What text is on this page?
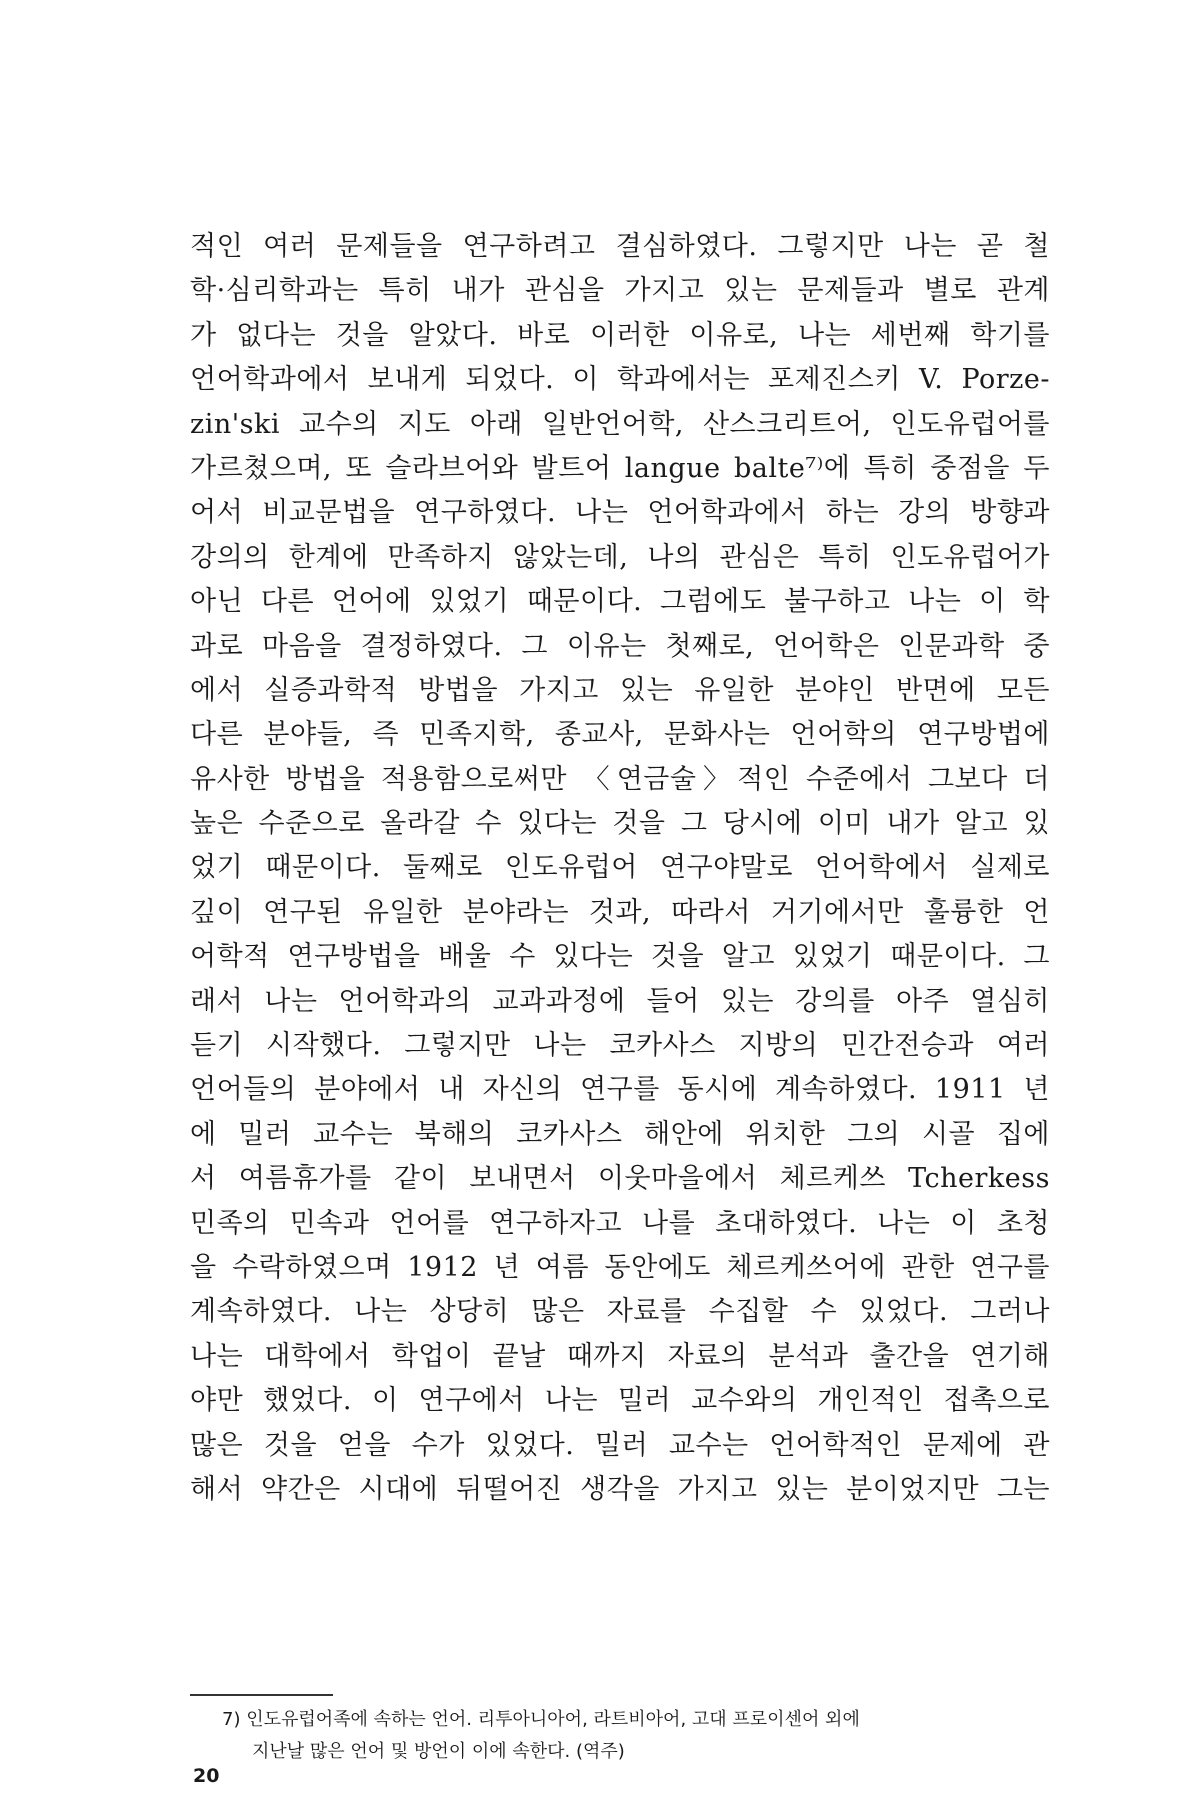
적인 여러 문제들을 연구하려고 결심하였다. 그렇지만 나는 곧 철
학·심리학과는 특히 내가 관심을 가지고 있는 문제들과 별로 관계
가 없다는 것을 알았다. 바로 이러한 이유로, 나는 세번째 학기를
언어학과에서 보내게 되었다. 이 학과에서는 포제진스키 V. Porze-
zin'ski 교수의 지도 아래 일반언어학, 산스크리트어, 인도유럽어를
가르쳤으며, 또 슬라브어와 발트어 langue balte⁷⁾에 특히 중점을 두
어서 비교문법을 연구하였다. 나는 언어학과에서 하는 강의 방향과
강의의 한계에 만족하지 않았는데, 나의 관심은 특히 인도유럽어가
아닌 다른 언어에 있었기 때문이다. 그럼에도 불구하고 나는 이 학
과로 마음을 결정하였다. 그 이유는 첫째로, 언어학은 인문과학 중
에서 실증과학적 방법을 가지고 있는 유일한 분야인 반면에 모든
다른 분야들, 즉 민족지학, 종교사, 문화사는 언어학의 연구방법에
유사한 방법을 적용함으로써만 〈연금술〉적인 수준에서 그보다 더
높은 수준으로 올라갈 수 있다는 것을 그 당시에 이미 내가 알고 있
었기 때문이다. 둘째로 인도유럽어 연구야말로 언어학에서 실제로
깊이 연구된 유일한 분야라는 것과, 따라서 거기에서만 훌륭한 언
어학적 연구방법을 배울 수 있다는 것을 알고 있었기 때문이다. 그
래서 나는 언어학과의 교과과정에 들어 있는 강의를 아주 열심히
듣기 시작했다. 그렇지만 나는 코카사스 지방의 민간전승과 여러
언어들의 분야에서 내 자신의 연구를 동시에 계속하였다. 1911 년
에 밀러 교수는 북해의 코카사스 해안에 위치한 그의 시골 집에
서 여름휴가를 같이 보내면서 이웃마을에서 체르케쓰 Tcherkess
민족의 민속과 언어를 연구하자고 나를 초대하였다. 나는 이 초청
을 수락하였으며 1912 년 여름 동안에도 체르케쓰어에 관한 연구를
계속하였다. 나는 상당히 많은 자료를 수집할 수 있었다. 그러나
나는 대학에서 학업이 끝날 때까지 자료의 분석과 출간을 연기해
야만 했었다. 이 연구에서 나는 밀러 교수와의 개인적인 접촉으로
많은 것을 얻을 수가 있었다. 밀러 교수는 언어학적인 문제에 관
해서 약간은 시대에 뒤떨어진 생각을 가지고 있는 분이었지만 그는
7) 인도유럽어족에 속하는 언어. 리투아니아어, 라트비아어, 고대 프로이센어 외에
지난날 많은 언어 및 방언이 이에 속한다. (역주)
20
